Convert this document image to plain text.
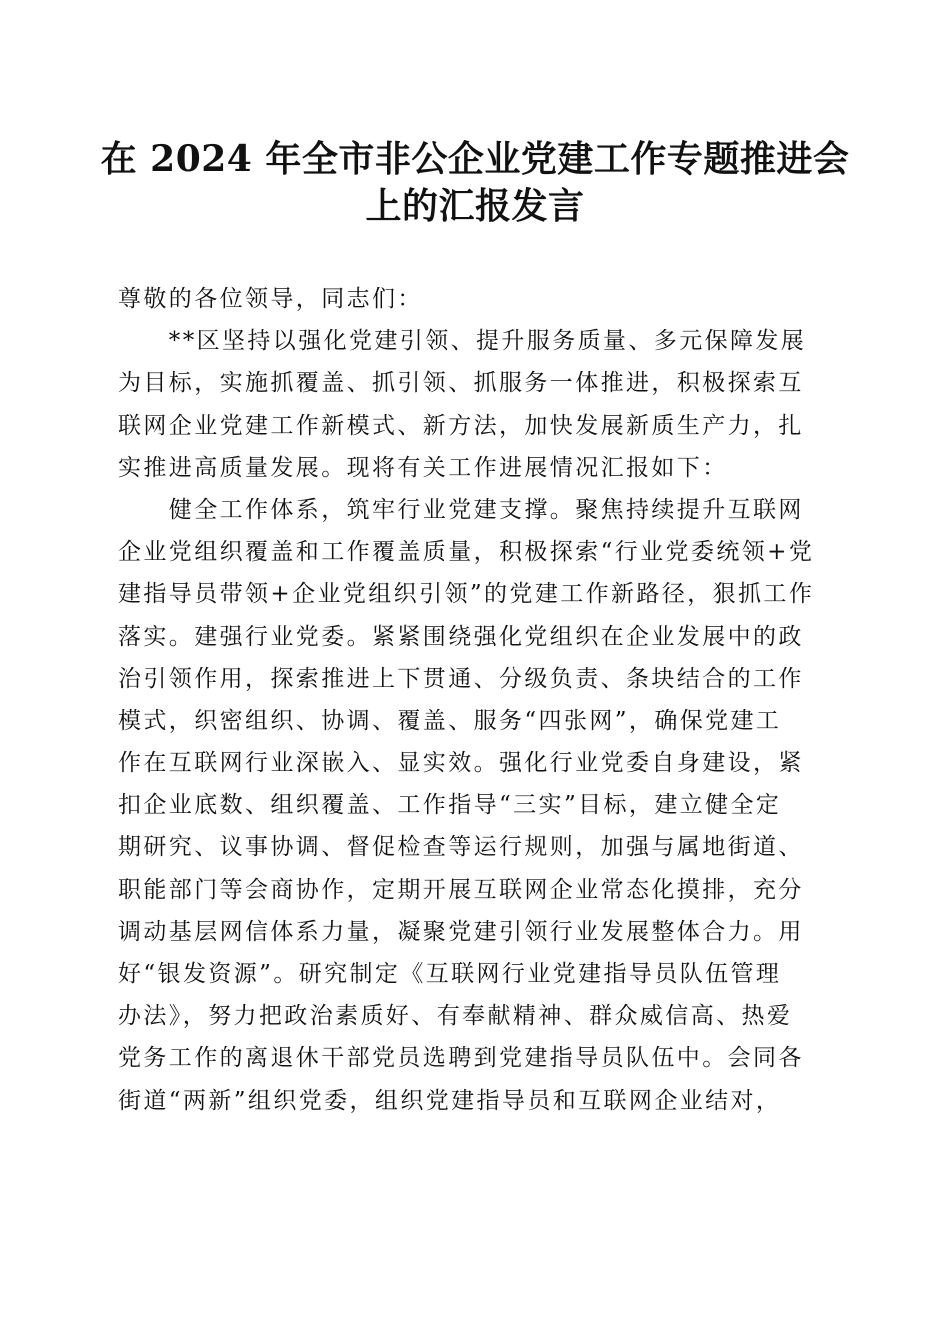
在 2024 年全市非公企业党建工作专题推进会
上的汇报发言
尊敬的各位领导，同志们：
　　**区坚持以强化党建引领、提升服务质量、多元保障发展
为目标，实施抓覆盖、抓引领、抓服务一体推进，积极探索互
联网企业党建工作新模式、新方法，加快发展新质生产力，扎
实推进高质量发展。现将有关工作进展情况汇报如下：
　　健全工作体系，筑牢行业党建支撑。聚焦持续提升互联网
企业党组织覆盖和工作覆盖质量，积极探索“行业党委统领+党
建指导员带领+企业党组织引领”的党建工作新路径，狠抓工作
落实。建强行业党委。紧紧围绕强化党组织在企业发展中的政
治引领作用，探索推进上下贯通、分级负责、条块结合的工作
模式，织密组织、协调、覆盖、服务“四张网”，确保党建工
作在互联网行业深嵌入、显实效。强化行业党委自身建设，紧
扣企业底数、组织覆盖、工作指导“三实”目标，建立健全定
期研究、议事协调、督促检查等运行规则，加强与属地街道、
职能部门等会商协作，定期开展互联网企业常态化摸排，充分
调动基层网信体系力量，凝聚党建引领行业发展整体合力。用
好“银发资源”。研究制定《互联网行业党建指导员队伍管理
办法》，努力把政治素质好、有奉献精神、群众威信高、热爱
党务工作的离退休干部党员选聘到党建指导员队伍中。会同各
街道“两新”组织党委，组织党建指导员和互联网企业结对，
